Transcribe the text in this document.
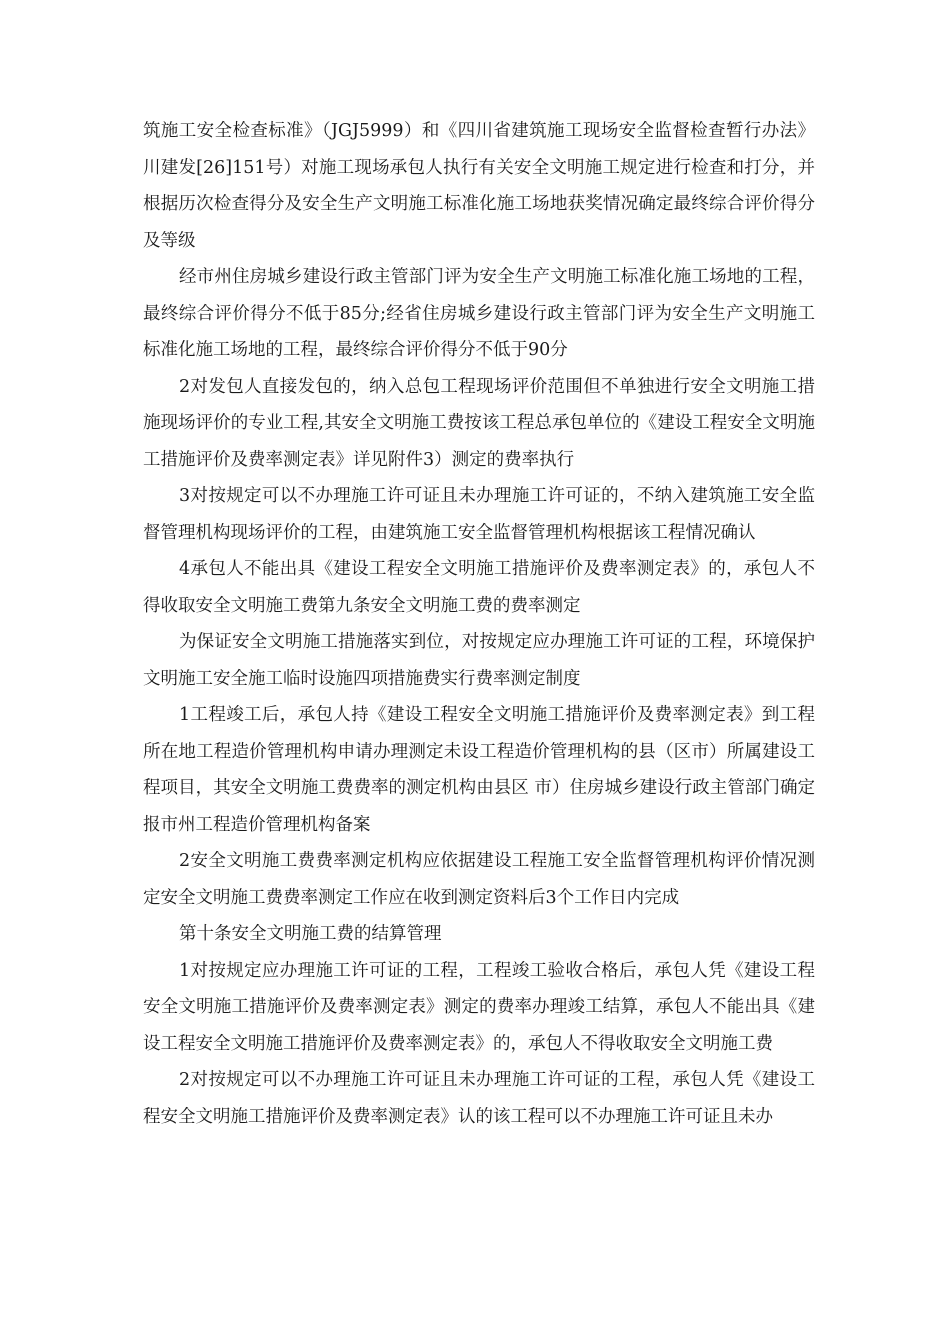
筑施工安全检查标准》（JGJ5999）和《四川省建筑施工现场安全监督检查暂行办法》川建发[26]151号）对施工现场承包人执行有关安全文明施工规定进行检查和打分，并根据历次检查得分及安全生产文明施工标准化施工场地获奖情况确定最终综合评价得分及等级

经市州住房城乡建设行政主管部门评为安全生产文明施工标准化施工场地的工程，最终综合评价得分不低于85分;经省住房城乡建设行政主管部门评为安全生产文明施工标准化施工场地的工程，最终综合评价得分不低于90分

2对发包人直接发包的，纳入总包工程现场评价范围但不单独进行安全文明施工措施现场评价的专业工程,其安全文明施工费按该工程总承包单位的《建设工程安全文明施工措施评价及费率测定表》详见附件3）测定的费率执行

3对按规定可以不办理施工许可证且未办理施工许可证的，不纳入建筑施工安全监督管理机构现场评价的工程，由建筑施工安全监督管理机构根据该工程情况确认

4承包人不能出具《建设工程安全文明施工措施评价及费率测定表》的，承包人不得收取安全文明施工费第九条安全文明施工费的费率测定

为保证安全文明施工措施落实到位，对按规定应办理施工许可证的工程，环境保护文明施工安全施工临时设施四项措施费实行费率测定制度

1工程竣工后，承包人持《建设工程安全文明施工措施评价及费率测定表》到工程所在地工程造价管理机构申请办理测定未设工程造价管理机构的县（区市）所属建设工程项目，其安全文明施工费费率的测定机构由县区 市）住房城乡建设行政主管部门确定报市州工程造价管理机构备案

2安全文明施工费费率测定机构应依据建设工程施工安全监督管理机构评价情况测定安全文明施工费费率测定工作应在收到测定资料后3个工作日内完成

第十条安全文明施工费的结算管理

1对按规定应办理施工许可证的工程，工程竣工验收合格后，承包人凭《建设工程安全文明施工措施评价及费率测定表》测定的费率办理竣工结算，承包人不能出具《建设工程安全文明施工措施评价及费率测定表》的，承包人不得收取安全文明施工费

2对按规定可以不办理施工许可证且未办理施工许可证的工程，承包人凭《建设工程安全文明施工措施评价及费率测定表》认的该工程可以不办理施工许可证且未办
